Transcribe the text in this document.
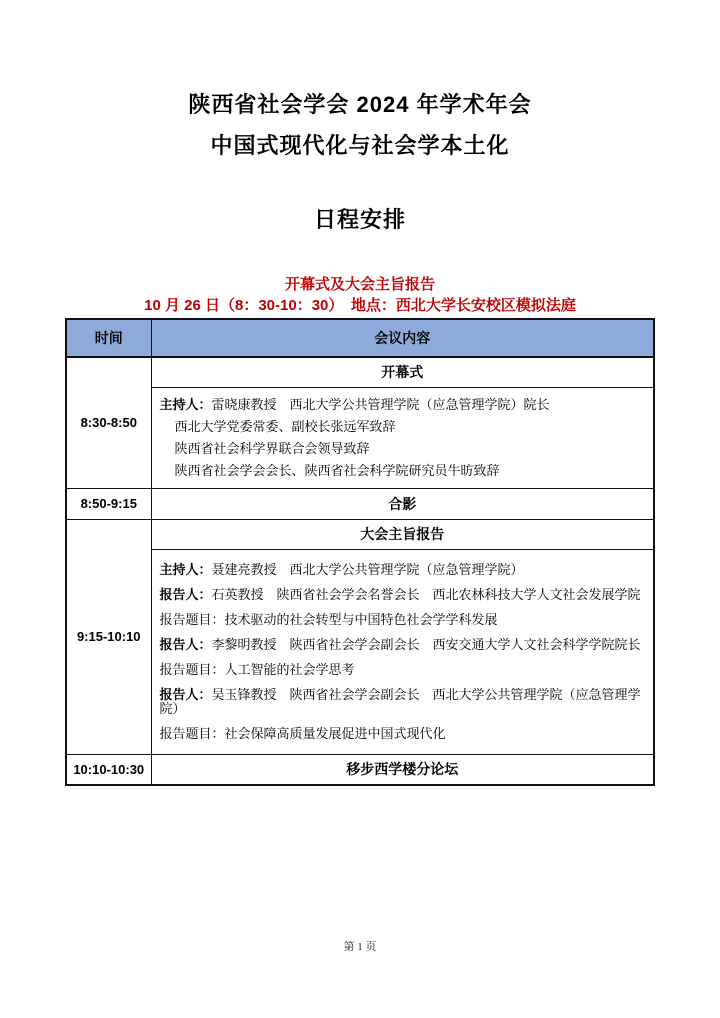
陕西省社会学会 2024 年学术年会
中国式现代化与社会学本土化
日程安排
开幕式及大会主旨报告
10 月 26 日（8：30-10：30）　地点：西北大学长安校区模拟法庭
时间	会议内容
8:30-8:50	开幕式

	主持人：雷晓康教授　西北大学公共管理学院（应急管理学院）院长

西北大学党委常委、副校长张远军致辞

陕西省社会科学界联合会领导致辞

陕西省社会学会会长、陕西省社会科学院研究员牛昉致辞

8:50-9:15	合影
9:15-10:10	大会主旨报告

主持人：聂建亮教授　西北大学公共管理学院（应急管理学院）

报告人：石英教授　陕西省社会学会名誉会长　西北农林科技大学人文社会发展学院

报告题目：技术驱动的社会转型与中国特色社会学学科发展

报告人：李黎明教授　陕西省社会学会副会长　西安交通大学人文社会科学学院院长

报告题目：人工智能的社会学思考

报告人：吴玉锋教授　陕西省社会学会副会长　西北大学公共管理学院（应急管理学院）

报告题目：社会保障高质量发展促进中国式现代化

10:10-10:30	移步西学楼分论坛
第 1 页
